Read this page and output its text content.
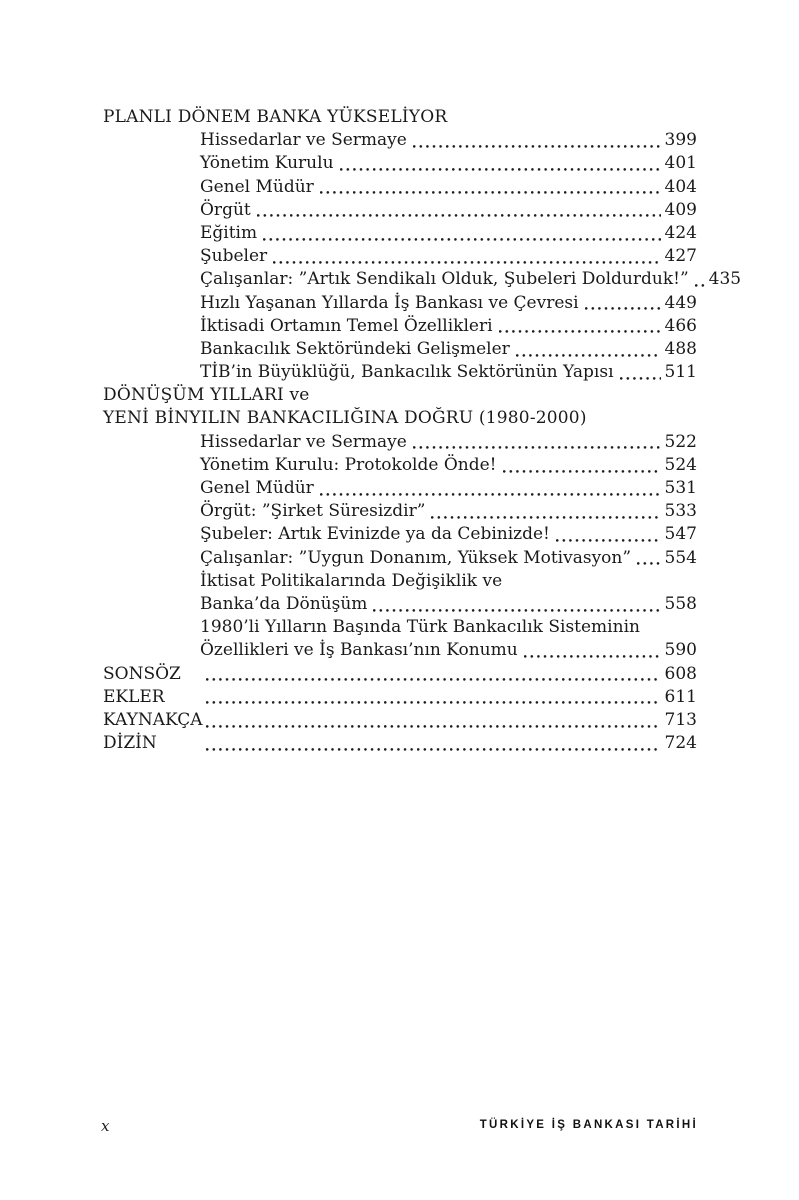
PLANLI DÖNEM BANKA YÜKSELİYOR
Hissedarlar ve Sermaye	399
Yönetim Kurulu	401
Genel Müdür	404
Örgüt	409
Eğitim	424
Şubeler	427
Çalışanlar: ”Artık Sendikalı Olduk, Şubeleri Doldurduk!” 435
Hızlı Yaşanan Yıllarda İş Bankası ve Çevresi	449
İktisadi Ortamın Temel Özellikleri	466
Bankacılık Sektöründeki Gelişmeler	488
TİB’in Büyüklüğü, Bankacılık Sektörünün Yapısı	511
DÖNÜŞÜM YILLARI ve
YENİ BİNYILIN BANKACILIĞINA DOĞRU (1980-2000)
Hissedarlar ve Sermaye	522
Yönetim Kurulu: Protokolde Önde!	524
Genel Müdür	531
Örgüt: ”Şirket Süresizdir”	533
Şubeler: Artık Evinizde ya da Cebinizde!	547
Çalışanlar: ”Uygun Donanım, Yüksek Motivasyon” 554
İktisat Politikalarında Değişiklik ve
Banka’da Dönüşüm	558
1980’li Yılların Başında Türk Bankacılık Sisteminin
Özellikleri ve İş Bankası’nın Konumu	590
SONSÖZ	608
EKLER	611
KAYNAKÇA	713
DİZİN	724
x	TÜRKİYE İŞ BANKASI TARİHİ
